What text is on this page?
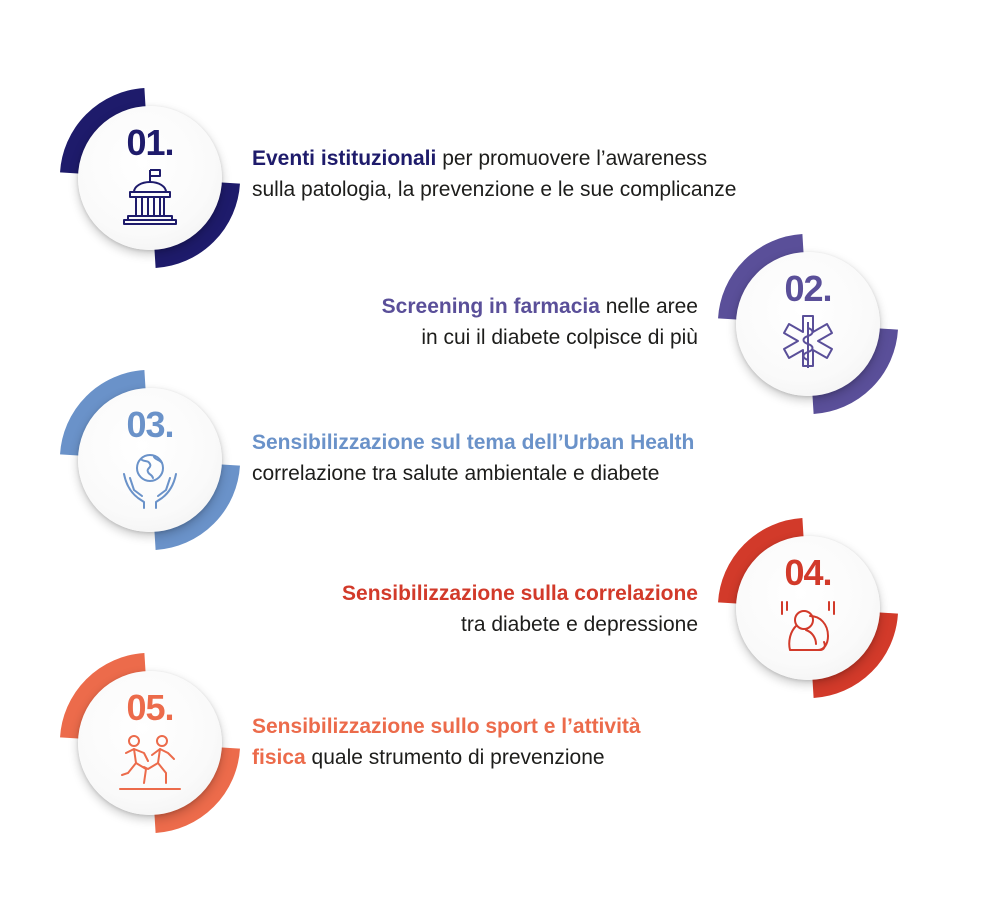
01.	Eventi istituzionali per promuovere l’awareness
sulla patologia, la prevenzione e le sue complicanze
02.
Screening in farmacia nelle aree
in cui il diabete colpisce di più
03.	Sensibilizzazione sul tema dell’Urban Health
correlazione tra salute ambientale e diabete
04.
Sensibilizzazione sulla correlazione
tra diabete e depressione
05.	Sensibilizzazione sullo sport e l’attività
fisica quale strumento di prevenzione
